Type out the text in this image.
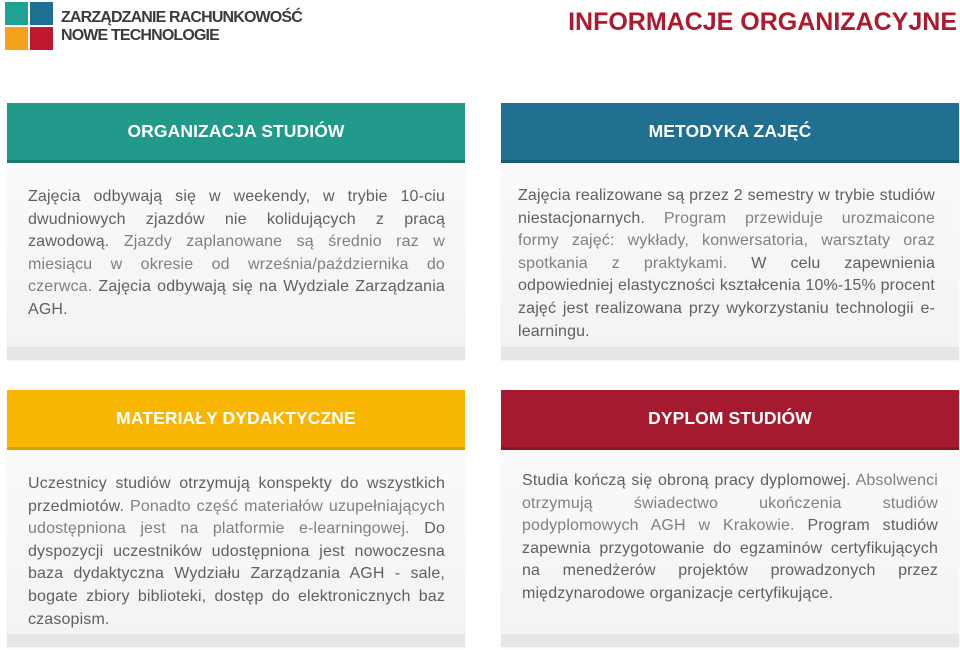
ZARZĄDZANIE RACHUNKOWOŚĆ
NOWE TECHNOLOGIE	INFORMACJE ORGANIZACYJNE
ORGANIZACJA STUDIÓW

Zajęcia odbywają się w weekendy, w trybie 10-ciu dwudniowych zjazdów nie kolidujących z pracą zawodową. Zjazdy zaplanowane są średnio raz w miesiącu w okresie od września/października do czerwca. Zajęcia odbywają się na Wydziale Zarządzania AGH.

METODYKA ZAJĘĆ

Zajęcia realizowane są przez 2 semestry w trybie studiów niestacjonarnych. Program przewiduje urozmaicone formy zajęć: wykłady, konwersatoria, warsztaty oraz spotkania z praktykami. W celu zapewnienia odpowiedniej elastyczności kształcenia 10%-15% procent zajęć jest realizowana przy wykorzystaniu technologii e-learningu.

MATERIAŁY DYDAKTYCZNE

Uczestnicy studiów otrzymują konspekty do wszystkich przedmiotów. Ponadto część materiałów uzupełniających udostępniona jest na platformie e-learningowej. Do dyspozycji uczestników udostępniona jest nowoczesna baza dydaktyczna Wydziału Zarządzania AGH - sale, bogate zbiory biblioteki, dostęp do elektronicznych baz czasopism.

DYPLOM STUDIÓW

Studia kończą się obroną pracy dyplomowej. Absolwenci otrzymują świadectwo ukończenia studiów podyplomowych AGH w Krakowie. Program studiów zapewnia przygotowanie do egzaminów certyfikujących na menedżerów projektów prowadzonych przez międzynarodowe organizacje certyfikujące.
